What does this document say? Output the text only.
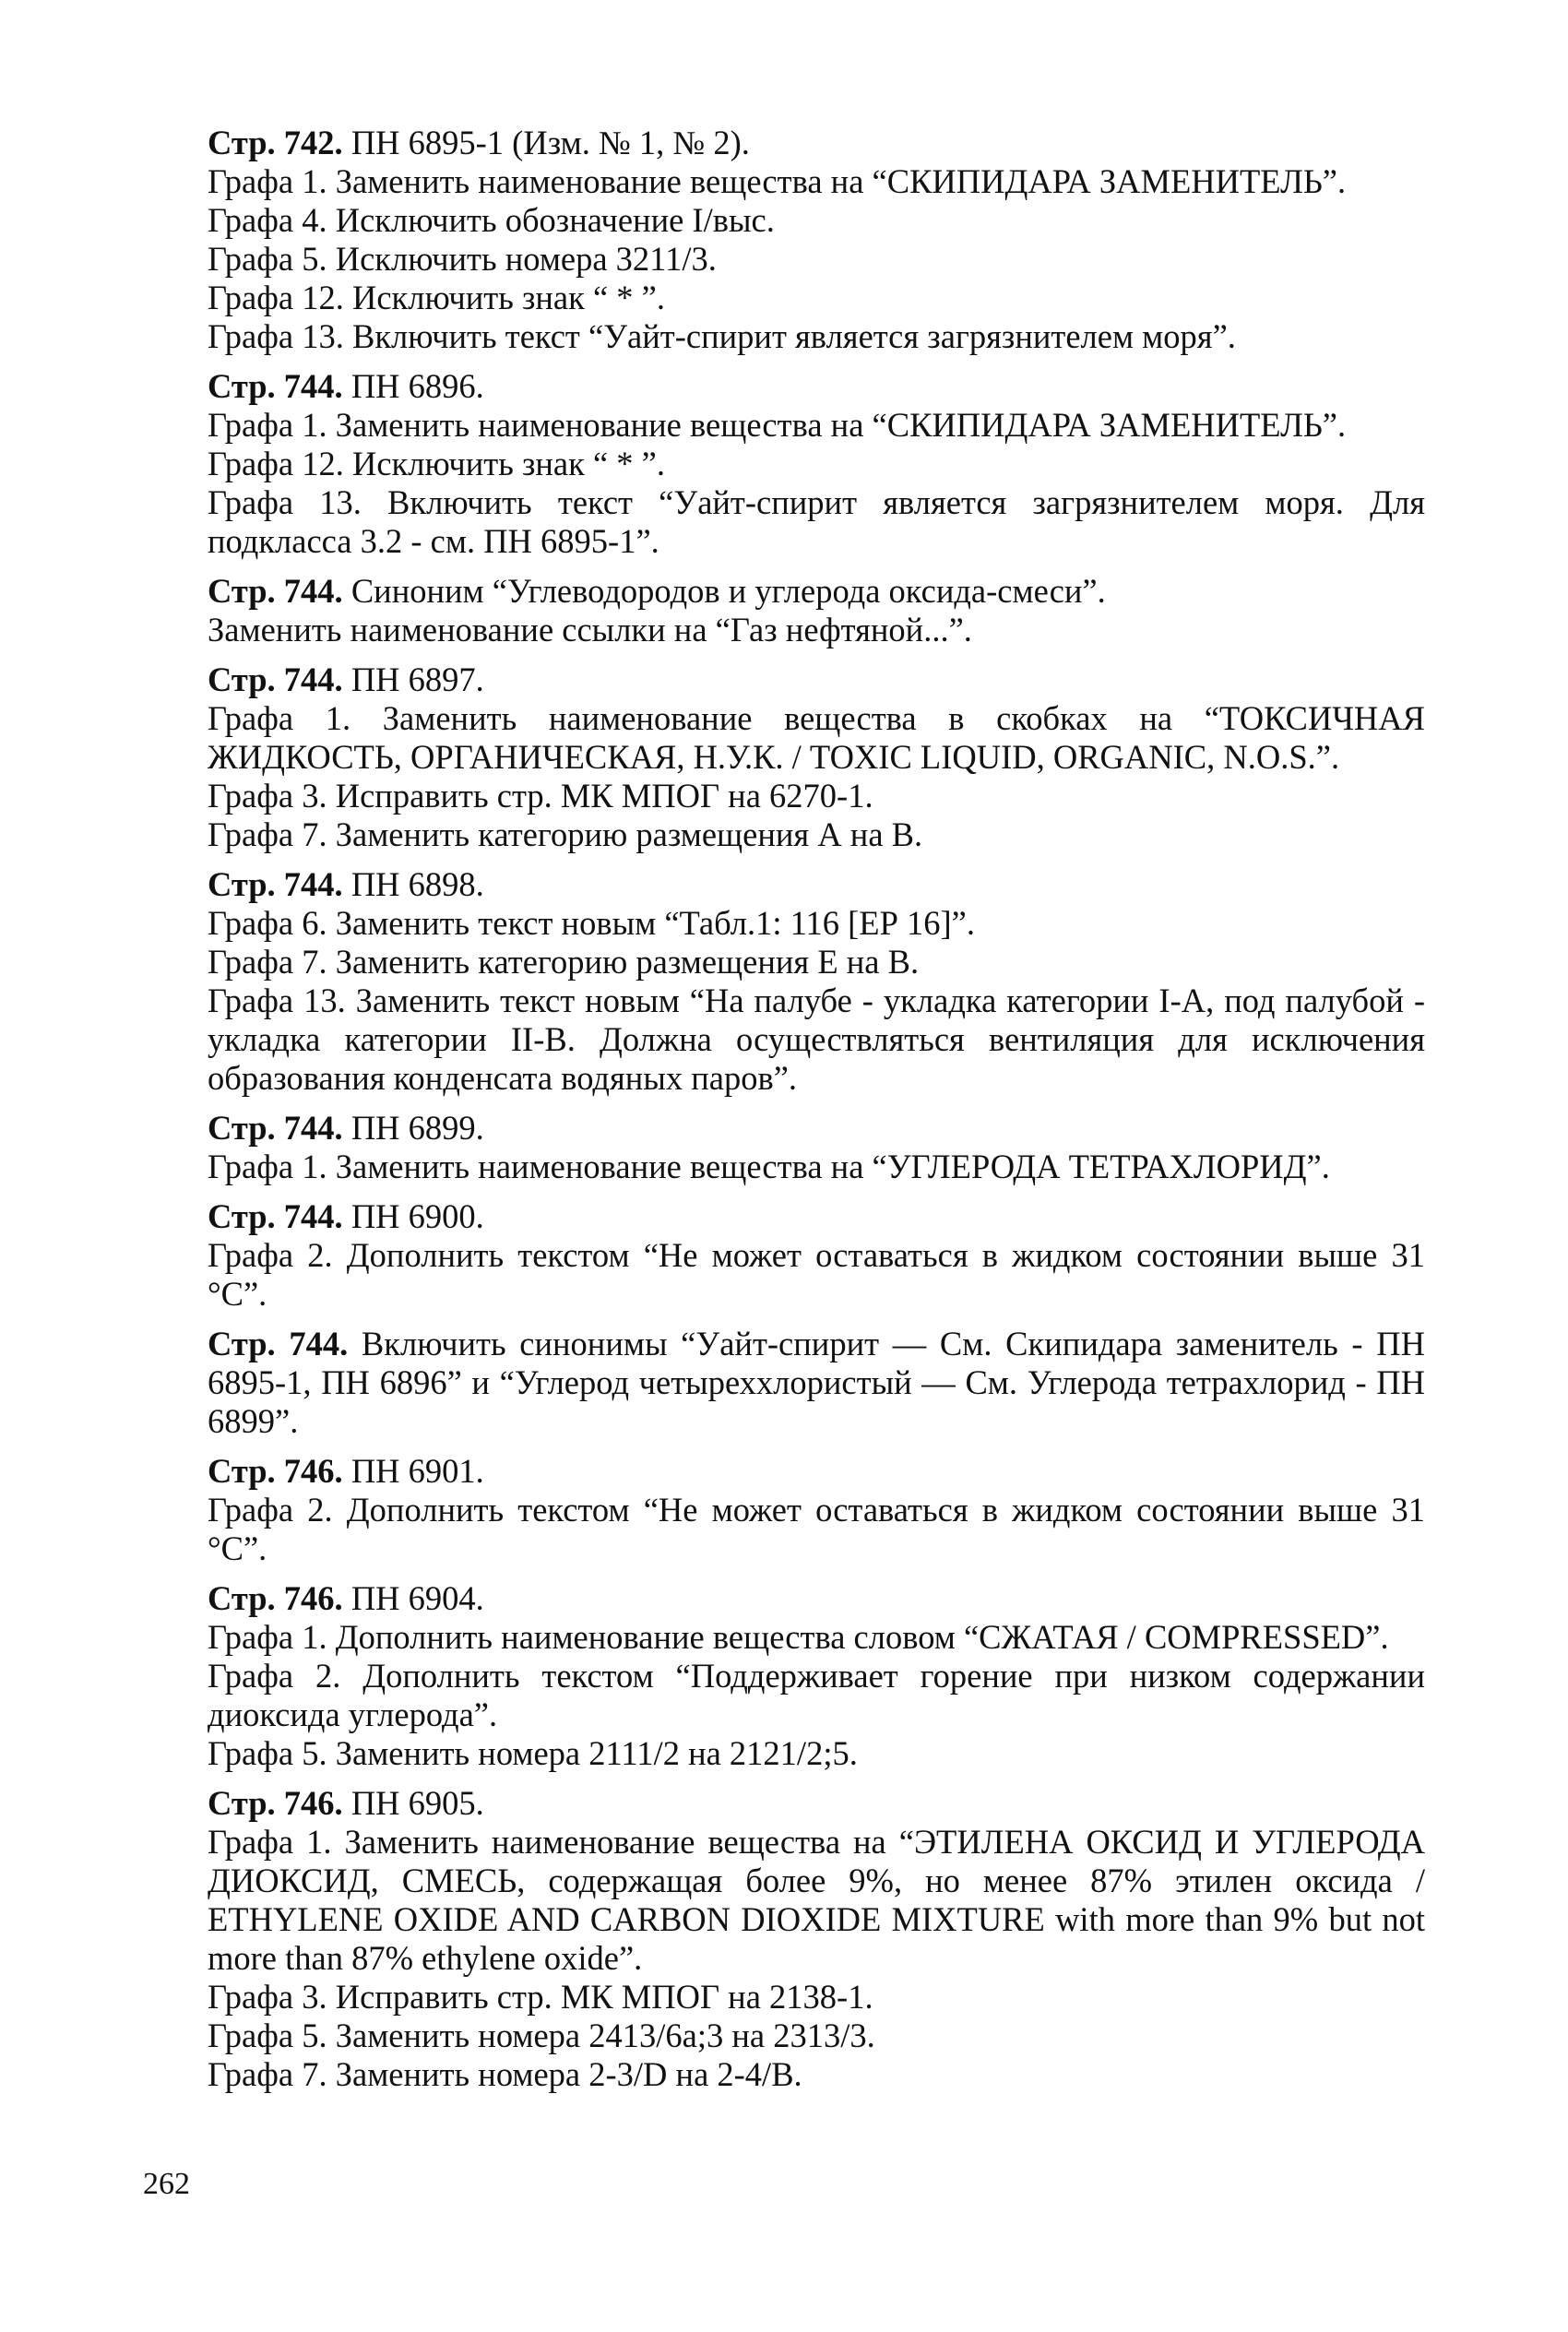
Стр. 742. ПН 6895-1 (Изм. № 1, № 2).

Графа 1. Заменить наименование вещества на “СКИПИДАРА ЗАМЕНИТЕЛЬ”.

Графа 4. Исключить обозначение I/выс.

Графа 5. Исключить номера 3211/3.

Графа 12. Исключить знак “ * ”.

Графа 13. Включить текст “Уайт-спирит является загрязнителем моря”.

Стр. 744. ПН 6896.

Графа 1. Заменить наименование вещества на “СКИПИДАРА ЗАМЕНИТЕЛЬ”.

Графа 12. Исключить знак “ * ”.

Графа 13. Включить текст “Уайт-спирит является загрязнителем моря. Для подкласса 3.2 - см. ПН 6895-1”.

Стр. 744. Синоним “Углеводородов и углерода оксида-смеси”.

Заменить наименование ссылки на “Газ нефтяной...”.

Стр. 744. ПН 6897.

Графа 1. Заменить наименование вещества в скобках на “ТОКСИЧНАЯ ЖИДКОСТЬ, ОРГАНИЧЕСКАЯ, Н.У.К. / TOXIC LIQUID, ORGANIC, N.O.S.”.

Графа 3. Исправить стр. МК МПОГ на 6270-1.

Графа 7. Заменить категорию размещения А на В.

Стр. 744. ПН 6898.

Графа 6. Заменить текст новым “Табл.1: 116 [ЕР 16]”.

Графа 7. Заменить категорию размещения Е на В.

Графа 13. Заменить текст новым “На палубе - укладка категории I-A, под палубой - укладка категории II-B. Должна осуществляться вентиляция для исключения образования конденсата водяных паров”.

Стр. 744. ПН 6899.

Графа 1. Заменить наименование вещества на “УГЛЕРОДА ТЕТРАХЛОРИД”.

Стр. 744. ПН 6900.

Графа 2. Дополнить текстом “Не может оставаться в жидком состоянии выше 31 °С”.

Стр. 744. Включить синонимы “Уайт-спирит — См. Скипидара заменитель - ПН 6895-1, ПН 6896” и “Углерод четыреххлористый — См. Углерода тетрахлорид - ПН 6899”.

Стр. 746. ПН 6901.

Графа 2. Дополнить текстом “Не может оставаться в жидком состоянии выше 31 °С”.

Стр. 746. ПН 6904.

Графа 1. Дополнить наименование вещества словом “СЖАТАЯ / COMPRESSED”.

Графа 2. Дополнить текстом “Поддерживает горение при низком содержании диоксида углерода”.

Графа 5. Заменить номера 2111/2 на 2121/2;5.

Стр. 746. ПН 6905.

Графа 1. Заменить наименование вещества на “ЭТИЛЕНА ОКСИД И УГЛЕРОДА ДИОКСИД, СМЕСЬ, содержащая более 9%, но менее 87% этилен оксида / ETHYLENE OXIDE AND CARBON DIOXIDE MIXTURE with more than 9% but not more than 87% ethylene oxide”.

Графа 3. Исправить стр. МК МПОГ на 2138-1.

Графа 5. Заменить номера 2413/6а;3 на 2313/3.

Графа 7. Заменить номера 2-3/D на 2-4/В.

262
